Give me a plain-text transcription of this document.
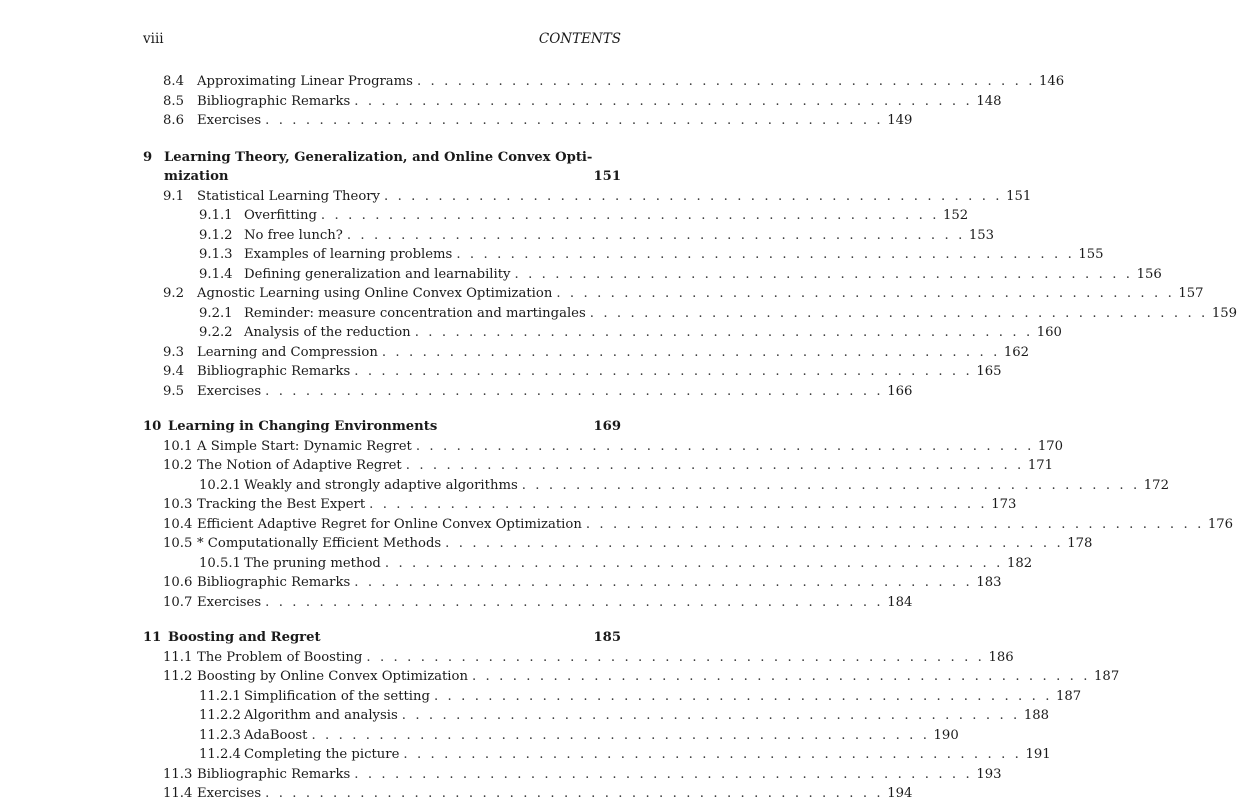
viii	CONTENTS
8.4 Approximating Linear Programs . . . . . . . . . . . . . . . . . . . . . . . . . . . . . . . . . . . . . . . . . . . . . . 146
8.5 Bibliographic Remarks . . . . . . . . . . . . . . . . . . . . . . . . . . . . . . . . . . . . . . . . . . . . . . 148
8.6 Exercises . . . . . . . . . . . . . . . . . . . . . . . . . . . . . . . . . . . . . . . . . . . . . . 149
9 Learning Theory, Generalization, and Online Convex Opti-
mization	151
9.1 Statistical Learning Theory . . . . . . . . . . . . . . . . . . . . . . . . . . . . . . . . . . . . . . . . . . . . . . 151
9.1.1 Overfitting . . . . . . . . . . . . . . . . . . . . . . . . . . . . . . . . . . . . . . . . . . . . . . 152
9.1.2 No free lunch? . . . . . . . . . . . . . . . . . . . . . . . . . . . . . . . . . . . . . . . . . . . . . . 153
9.1.3 Examples of learning problems . . . . . . . . . . . . . . . . . . . . . . . . . . . . . . . . . . . . . . . . . . . . . . 155
9.1.4 Defining generalization and learnability . . . . . . . . . . . . . . . . . . . . . . . . . . . . . . . . . . . . . . . . . . . . . . 156
9.2 Agnostic Learning using Online Convex Optimization . . . . . . . . . . . . . . . . . . . . . . . . . . . . . . . . . . . . . . . . . . . . . . 157
9.2.1 Reminder: measure concentration and martingales . . . . . . . . . . . . . . . . . . . . . . . . . . . . . . . . . . . . . . . . . . . . . . 159
9.2.2 Analysis of the reduction . . . . . . . . . . . . . . . . . . . . . . . . . . . . . . . . . . . . . . . . . . . . . . 160
9.3 Learning and Compression . . . . . . . . . . . . . . . . . . . . . . . . . . . . . . . . . . . . . . . . . . . . . . 162
9.4 Bibliographic Remarks . . . . . . . . . . . . . . . . . . . . . . . . . . . . . . . . . . . . . . . . . . . . . . 165
9.5 Exercises . . . . . . . . . . . . . . . . . . . . . . . . . . . . . . . . . . . . . . . . . . . . . . 166
10 Learning in Changing Environments	169
10.1 A Simple Start: Dynamic Regret . . . . . . . . . . . . . . . . . . . . . . . . . . . . . . . . . . . . . . . . . . . . . . 170
10.2 The Notion of Adaptive Regret . . . . . . . . . . . . . . . . . . . . . . . . . . . . . . . . . . . . . . . . . . . . . . 171
10.2.1 Weakly and strongly adaptive algorithms . . . . . . . . . . . . . . . . . . . . . . . . . . . . . . . . . . . . . . . . . . . . . . 172
10.3 Tracking the Best Expert . . . . . . . . . . . . . . . . . . . . . . . . . . . . . . . . . . . . . . . . . . . . . . 173
10.4 Efficient Adaptive Regret for Online Convex Optimization . . . . . . . . . . . . . . . . . . . . . . . . . . . . . . . . . . . . . . . . . . . . . . 176
10.5 * Computationally Efficient Methods . . . . . . . . . . . . . . . . . . . . . . . . . . . . . . . . . . . . . . . . . . . . . . 178
10.5.1 The pruning method . . . . . . . . . . . . . . . . . . . . . . . . . . . . . . . . . . . . . . . . . . . . . . 182
10.6 Bibliographic Remarks . . . . . . . . . . . . . . . . . . . . . . . . . . . . . . . . . . . . . . . . . . . . . . 183
10.7 Exercises . . . . . . . . . . . . . . . . . . . . . . . . . . . . . . . . . . . . . . . . . . . . . . 184
11 Boosting and Regret	185
11.1 The Problem of Boosting . . . . . . . . . . . . . . . . . . . . . . . . . . . . . . . . . . . . . . . . . . . . . . 186
11.2 Boosting by Online Convex Optimization . . . . . . . . . . . . . . . . . . . . . . . . . . . . . . . . . . . . . . . . . . . . . . 187
11.2.1 Simplification of the setting . . . . . . . . . . . . . . . . . . . . . . . . . . . . . . . . . . . . . . . . . . . . . . 187
11.2.2 Algorithm and analysis . . . . . . . . . . . . . . . . . . . . . . . . . . . . . . . . . . . . . . . . . . . . . . 188
11.2.3 AdaBoost . . . . . . . . . . . . . . . . . . . . . . . . . . . . . . . . . . . . . . . . . . . . . . 190
11.2.4 Completing the picture . . . . . . . . . . . . . . . . . . . . . . . . . . . . . . . . . . . . . . . . . . . . . . 191
11.3 Bibliographic Remarks . . . . . . . . . . . . . . . . . . . . . . . . . . . . . . . . . . . . . . . . . . . . . . 193
11.4 Exercises . . . . . . . . . . . . . . . . . . . . . . . . . . . . . . . . . . . . . . . . . . . . . . 194
